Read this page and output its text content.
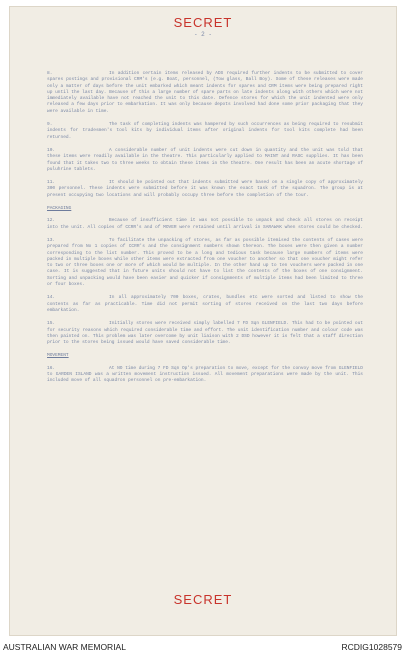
SECRET
- 2 -
8.	In addition certain items released by ADS required further indents to be submitted to cover spares postings and provisional CRM's (e.g. Boat, personnel, (Tow glass, Ball Boy). Some of these releases were made only a matter of days before the unit embarked which meant indents for spares and CRM items were being prepared right up until the last day. Because of this a large number of spare parts on late indents along with others which were not immediately available have not reached the unit to this date. Defence stores for which the unit indented were only released a few days prior to embarkation. It was only because depots involved had done some prior packaging that they were available in time.
9.	The task of completing indents was hampered by such occurrences as being required to resubmit indents for tradesmen's tool kits by individual items after original indents for tool kits complete had been returned.
10.	A considerable number of unit indents were cut down in quantity and the unit was told that these items were readily available in the theatre. This particularly applied to MAINT and RASC supplies. It has been found that it takes two to three weeks to obtain these items in the theatre. One result has been an acute shortage of puluhrine tablets.
11.	It should be pointed out that indents submitted were based on a single copy of approximately 300 personnel. These indents were submitted before it was known the exact task of the squadron. The group is at present occupying two locations and will probably occupy three before the completion of the tour.
PACKAGING
12.	Because of insufficient time it was not possible to unpack and check all stores on receipt into the unit. All copies of CCRR's and of MOVER were retained until arrival in SARAWAK when stores could be checked.
13.	To facilitate the unpacking of stores, as far as possible itemised the contents of cases were prepared from No 1 copies of CCRR's and the consignment numbers shown thereon. The boxes were then given a number corresponding to the list number. This proved to be a long and tedious task because large numbers of items were packed in multiple boxes while other items were extracted from one voucher to another so that one voucher might refer to two or three boxes one or more of which would be multiple. In the other hand up to ten vouchers were packed in one case. It is suggested that in future units should not have to list the contents of the boxes of one consignment. Sorting and unpacking would have been easier and quicker if consignments of multiple items had been limited to three or four boxes.
14.	In all approximately 700 boxes, crates, bundles etc were sorted and listed to show the contents as far as practicable. Time did not permit sorting of stores received on the last two days before embarkation.
15.	Initially stores were received simply labelled 7 FD Sqn GLENFIELD. This had to be pointed out for security reasons which required considerable time and effort. The unit identification number and colour code was then painted on. This problem was later overcome by unit liaison with 2 DSD however it is felt that a staff direction prior to the stores being issued would have saved considerable time.
MOVEMENT
16.	At NO time during 7 FD Sqn Op's preparation to move, except for the convoy move from GLENFIELD to GARDEN ISLAND was a written movement instruction issued. All movement preparations were made by the unit. This included move of all squadron personnel on pre-embarkation.
SECRET
AUSTRALIAN WAR MEMORIAL	RCDIG1028579
